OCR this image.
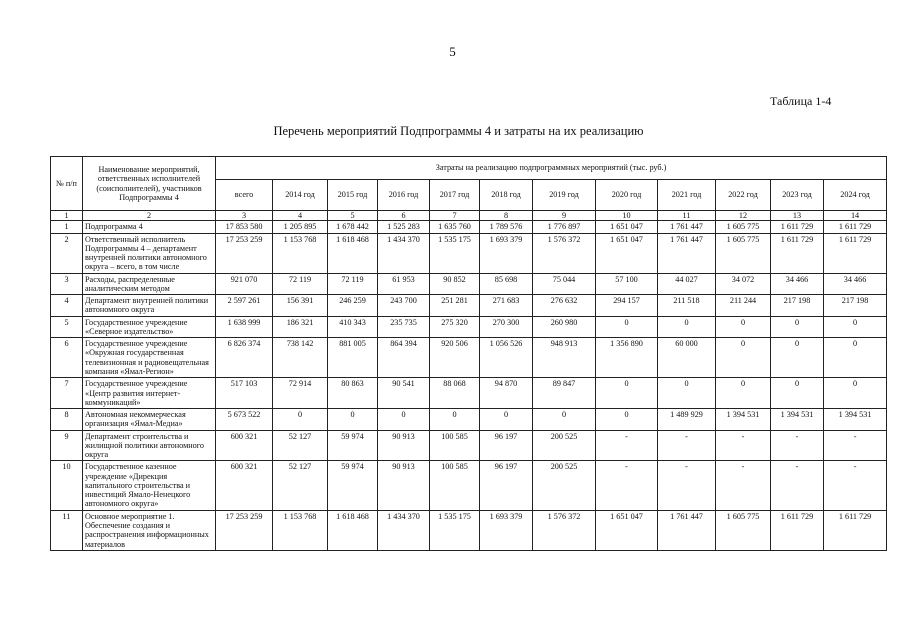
5
Таблица 1-4
Перечень мероприятий Подпрограммы 4 и затраты на их реализацию
№ п/п	Наименование мероприятий, ответственных исполнителей (соисполнителей), участников Подпрограммы 4	Затраты на реализацию подпрограммных мероприятий (тыс. руб.)											
		всего	2014 год	2015 год	2016 год	2017 год	2018 год	2019 год	2020 год	2021 год	2022 год	2023 год	2024 год
1	2	3	4	5	6	7	8	9	10	11	12	13	14
1	Подпрограмма 4	17 853 580	1 205 895	1 678 442	1 525 283	1 635 760	1 789 576	1 776 897	1 651 047	1 761 447	1 605 775	1 611 729	1 611 729
2	Ответственный исполнитель Подпрограммы 4 – департамент внутренней политики автономного округа – всего, в том числе	17 253 259	1 153 768	1 618 468	1 434 370	1 535 175	1 693 379	1 576 372	1 651 047	1 761 447	1 605 775	1 611 729	1 611 729
3	Расходы, распределенные аналитическим методом	921 070	72 119	72 119	61 953	90 852	85 698	75 044	57 100	44 027	34 072	34 466	34 466
4	Департамент внутренней политики автономного округа	2 597 261	156 391	246 259	243 700	251 281	271 683	276 632	294 157	211 518	211 244	217 198	217 198
5	Государственное учреждение «Северное издательство»	1 638 999	186 321	410 343	235 735	275 320	270 300	260 980	0	0	0	0	0
6	Государственное учреждение «Окружная государственная телевизионная и радиовещательная компания «Ямал-Регион»	6 826 374	738 142	881 005	864 394	920 506	1 056 526	948 913	1 356 890	60 000	0	0	0
7	Государственное учреждение «Центр развития интернет-коммуникаций»	517 103	72 914	80 863	90 541	88 068	94 870	89 847	0	0	0	0	0
8	Автономная некоммерческая организация «Ямал-Медиа»	5 673 522	0	0	0	0	0	0	0	1 489 929	1 394 531	1 394 531	1 394 531
9	Департамент строительства и жилищной политики автономного округа	600 321	52 127	59 974	90 913	100 585	96 197	200 525	-	-	-	-	-
10	Государственное казенное учреждение «Дирекция капитального строительства и инвестиций Ямало-Ненецкого автономного округа»	600 321	52 127	59 974	90 913	100 585	96 197	200 525	-	-	-	-	-
11	Основное мероприятие 1. Обеспечение создания и распространения информационных материалов	17 253 259	1 153 768	1 618 468	1 434 370	1 535 175	1 693 379	1 576 372	1 651 047	1 761 447	1 605 775	1 611 729	1 611 729
